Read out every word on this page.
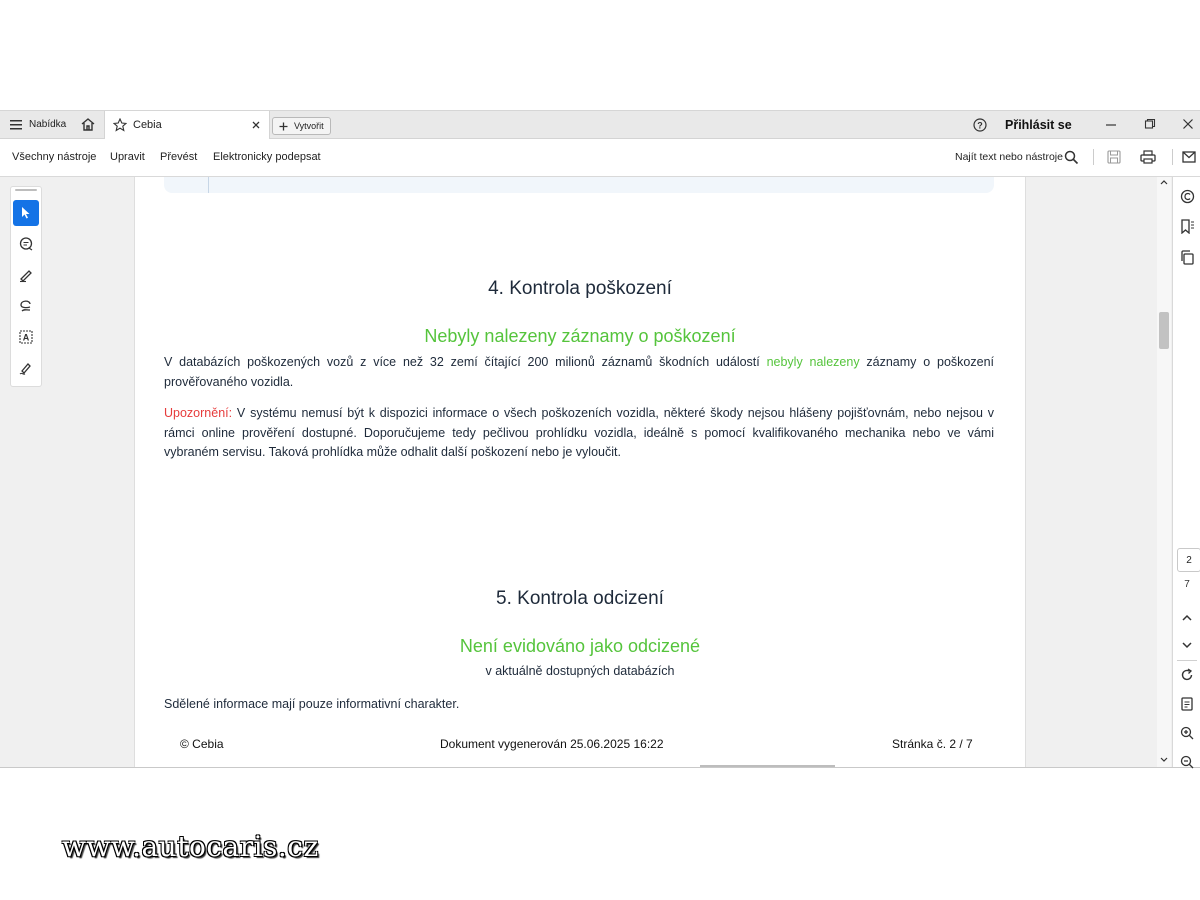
Nabídka	Cebia	Vytvořit	? Přihlásit se
Všechny nástroje Upravit Převést Elektronicky podepsat	Najít text nebo nástroje
A
4. Kontrola poškození
Nebyly nalezeny záznamy o poškození
V databázích poškozených vozů z více než 32 zemí čítající 200 milionů záznamů škodních událostí nebyly nalezeny záznamy o poškození prověřovaného vozidla.
Upozornění: V systému nemusí být k dispozici informace o všech poškozeních vozidla, některé škody nejsou hlášeny pojišťovnám, nebo nejsou v rámci online prověření dostupné. Doporučujeme tedy pečlivou prohlídku vozidla, ideálně s pomocí kvalifikovaného mechanika nebo ve vámi vybraném servisu. Taková prohlídka může odhalit další poškození nebo je vyloučit.
5. Kontrola odcizení
Není evidováno jako odcizené
v aktuálně dostupných databázích
Sdělené informace mají pouze informativní charakter.
© Cebia	Dokument vygenerován 25.06.2025 16:22	Stránka č. 2 / 7
2
7
www.autocaris.cz
